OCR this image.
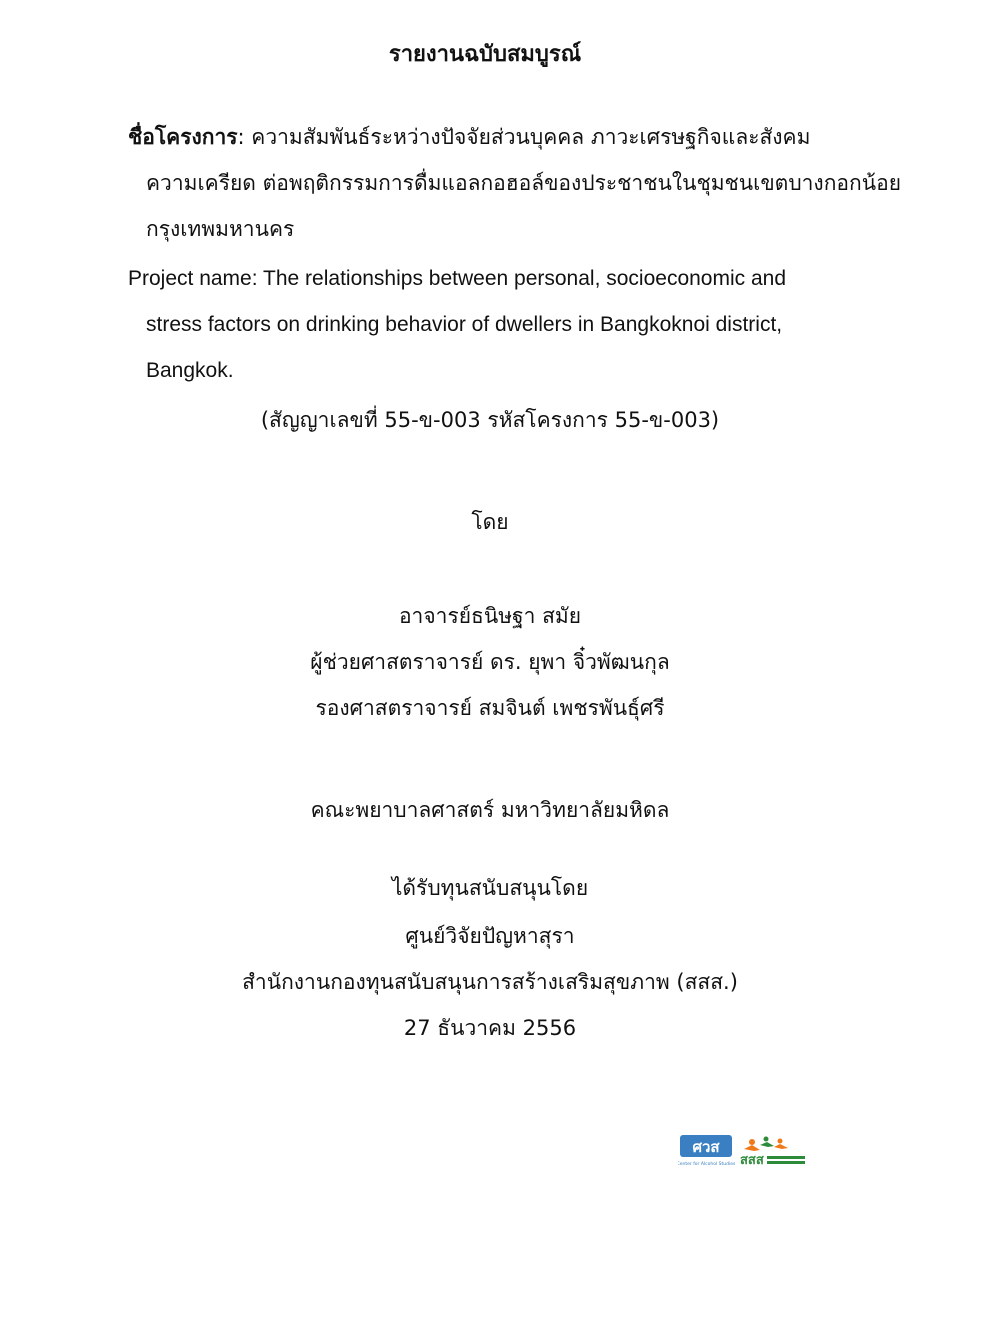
รายงานฉบับสมบูรณ์
ชื่อโครงการ: ความสัมพันธ์ระหว่างปัจจัยส่วนบุคคล ภาวะเศรษฐกิจและสังคม
ความเครียด ต่อพฤติกรรมการดื่มแอลกอฮอล์ของประชาชนในชุมชนเขตบางกอกน้อย
กรุงเทพมหานคร
Project name: The relationships between personal, socioeconomic and
stress factors on drinking behavior of dwellers in Bangkoknoi district,
Bangkok.
(สัญญาเลขที่ 55-ข-003 รหัสโครงการ 55-ข-003)
โดย
อาจารย์ธนิษฐา สมัย
ผู้ช่วยศาสตราจารย์ ดร. ยุพา จิ๋วพัฒนกุล
รองศาสตราจารย์ สมจินต์ เพชรพันธุ์ศรี
คณะพยาบาลศาสตร์ มหาวิทยาลัยมหิดล
ได้รับทุนสนับสนุนโดย
ศูนย์วิจัยปัญหาสุรา
สำนักงานกองทุนสนับสนุนการสร้างเสริมสุขภาพ (สสส.)
27 ธันวาคม 2556
ศวส
Center for Alcohol Studies สสส
